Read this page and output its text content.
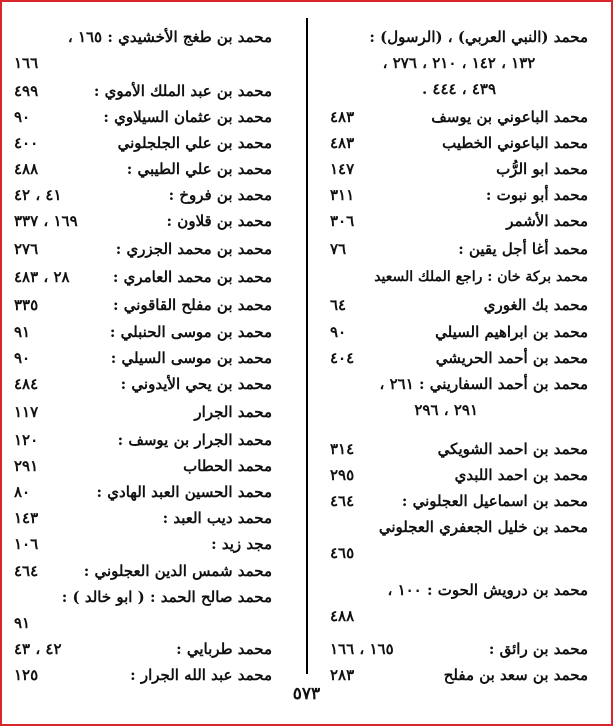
محمد (النبي العربي) ، (الرسول) :
١٣٢ ، ١٤٢ ، ٢١٠ ، ٢٧٦ ،
٤٣٩ ، ٤٤٤ .
محمد الباعوني بن يوسف
٤٨٣
محمد الباعوني الخطيب
٤٨٣
محمد ابو الرُّب
١٤٧
محمد أبو نبوت :
٣١١
محمد الأشمر
٣٠٦
محمد أغا أجل يقين :
٧٦
محمد بركة خان : راجع الملك السعيد
محمد بك الغوري
٦٤
محمد بن ابراهيم السيلي
٩٠
محمد بن أحمد الحريشي
٤٠٤
محمد بن أحمد السفاريني : ٢٦١ ،
٢٩١ ، ٢٩٦
محمد بن احمد الشويكي
٣١٤
محمد بن احمد اللبدي
٢٩٥
محمد بن اسماعيل العجلوني :
٤٦٤
محمد بن خليل الجعفري العجلوني
٤٦٥
محمد بن درويش الحوت : ١٠٠ ،
٤٨٨
محمد بن رائق :
١٦٥ ، ١٦٦
محمد بن سعد بن مفلح
٢٨٣
محمد بن طغج الأخشيدي : ١٦٥ ،
١٦٦
محمد بن عبد الملك الأموي :
٤٩٩
محمد بن عثمان السيلاوي :
٩٠
محمد بن علي الجلجلوني
٤٠٠
محمد بن علي الطيبي :
٤٨٨
محمد بن فروخ :
٤١ ، ٤٢
محمد بن قلاون :
١٦٩ ، ٣٣٧
محمد بن محمد الجزري :
٢٧٦
محمد بن محمد العامري :
٢٨ ، ٤٨٣
محمد بن مفلح القاقوني :
٣٣٥
محمد بن موسى الحنبلي :
٩١
محمد بن موسى السيلي :
٩٠
محمد بن يحي الأيدوني :
٤٨٤
محمد الجرار
١١٧
محمد الجرار بن يوسف :
١٢٠
محمد الحطاب
٢٩١
محمد الحسين العبد الهادي :
٨٠
محمد ديب العبد :
١٤٣
مجد زيد :
١٠٦
محمد شمس الدين العجلوني :
٤٦٤
محمد صالح الحمد : ( ابو خالد ) :
٩١
محمد طربايي :
٤٢ ، ٤٣
محمد عبد الله الجرار :
١٢٥
٥٧٣
